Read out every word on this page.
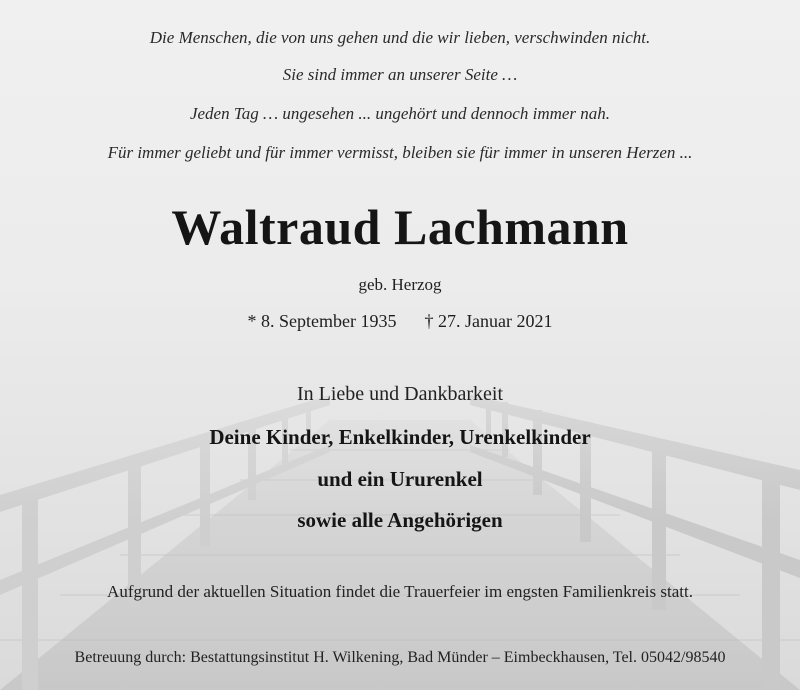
Die Menschen, die von uns gehen und die wir lieben, verschwinden nicht.
Sie sind immer an unserer Seite …
Jeden Tag … ungesehen ... ungehört und dennoch immer nah.
Für immer geliebt und für immer vermisst, bleiben sie für immer in unseren Herzen ...
Waltraud Lachmann
geb. Herzog
* 8. September 1935 † 27. Januar 2021
In Liebe und Dankbarkeit
Deine Kinder, Enkelkinder, Urenkelkinder
und ein Ururenkel
sowie alle Angehörigen
Aufgrund der aktuellen Situation findet die Trauerfeier im engsten Familienkreis statt.
Betreuung durch: Bestattungsinstitut H. Wilkening, Bad Münder – Eimbeckhausen, Tel. 05042/98540
